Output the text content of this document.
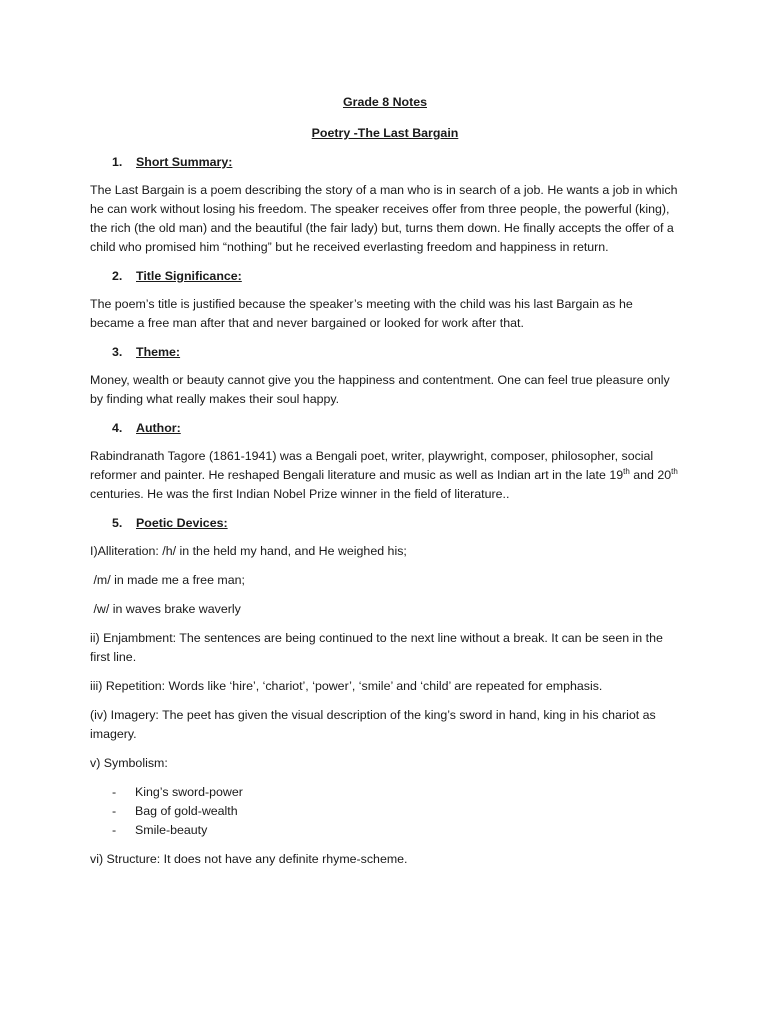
Grade 8 Notes

Poetry -The Last Bargain

1.	Short Summary:

The Last Bargain is a poem describing the story of a man who is in search of a job. He wants a job in which he can work without losing his freedom. The speaker receives offer from three people, the powerful (king), the rich (the old man) and the beautiful (the fair lady) but, turns them down. He finally accepts the offer of a child who promised him “nothing” but he received everlasting freedom and happiness in return.

2.	Title Significance:

The poem’s title is justified because the speaker’s meeting with the child was his last Bargain as he became a free man after that and never bargained or looked for work after that.

3.	Theme:

Money, wealth or beauty cannot give you the happiness and contentment. One can feel true pleasure only by finding what really makes their soul happy.

4.	Author:

Rabindranath Tagore (1861-1941) was a Bengali poet, writer, playwright, composer, philosopher, social reformer and painter. He reshaped Bengali literature and music as well as Indian art in the late 19th and 20th centuries. He was the first Indian Nobel Prize winner in the field of literature..

5.	Poetic Devices:

I)Alliteration: /h/ in the held my hand, and He weighed his;

/m/ in made me a free man;

/w/ in waves brake waverly

ii) Enjambment: The sentences are being continued to the next line without a break. It can be seen in the first line.

iii) Repetition: Words like ‘hire’, ‘chariot’, ‘power’, ‘smile’ and ‘child’ are repeated for emphasis.

(iv) Imagery: The peet has given the visual description of the king’s sword in hand, king in his chariot as imagery.

v) Symbolism:

-	King’s sword-power
-	Bag of gold-wealth
-	Smile-beauty

vi) Structure: It does not have any definite rhyme-scheme.
